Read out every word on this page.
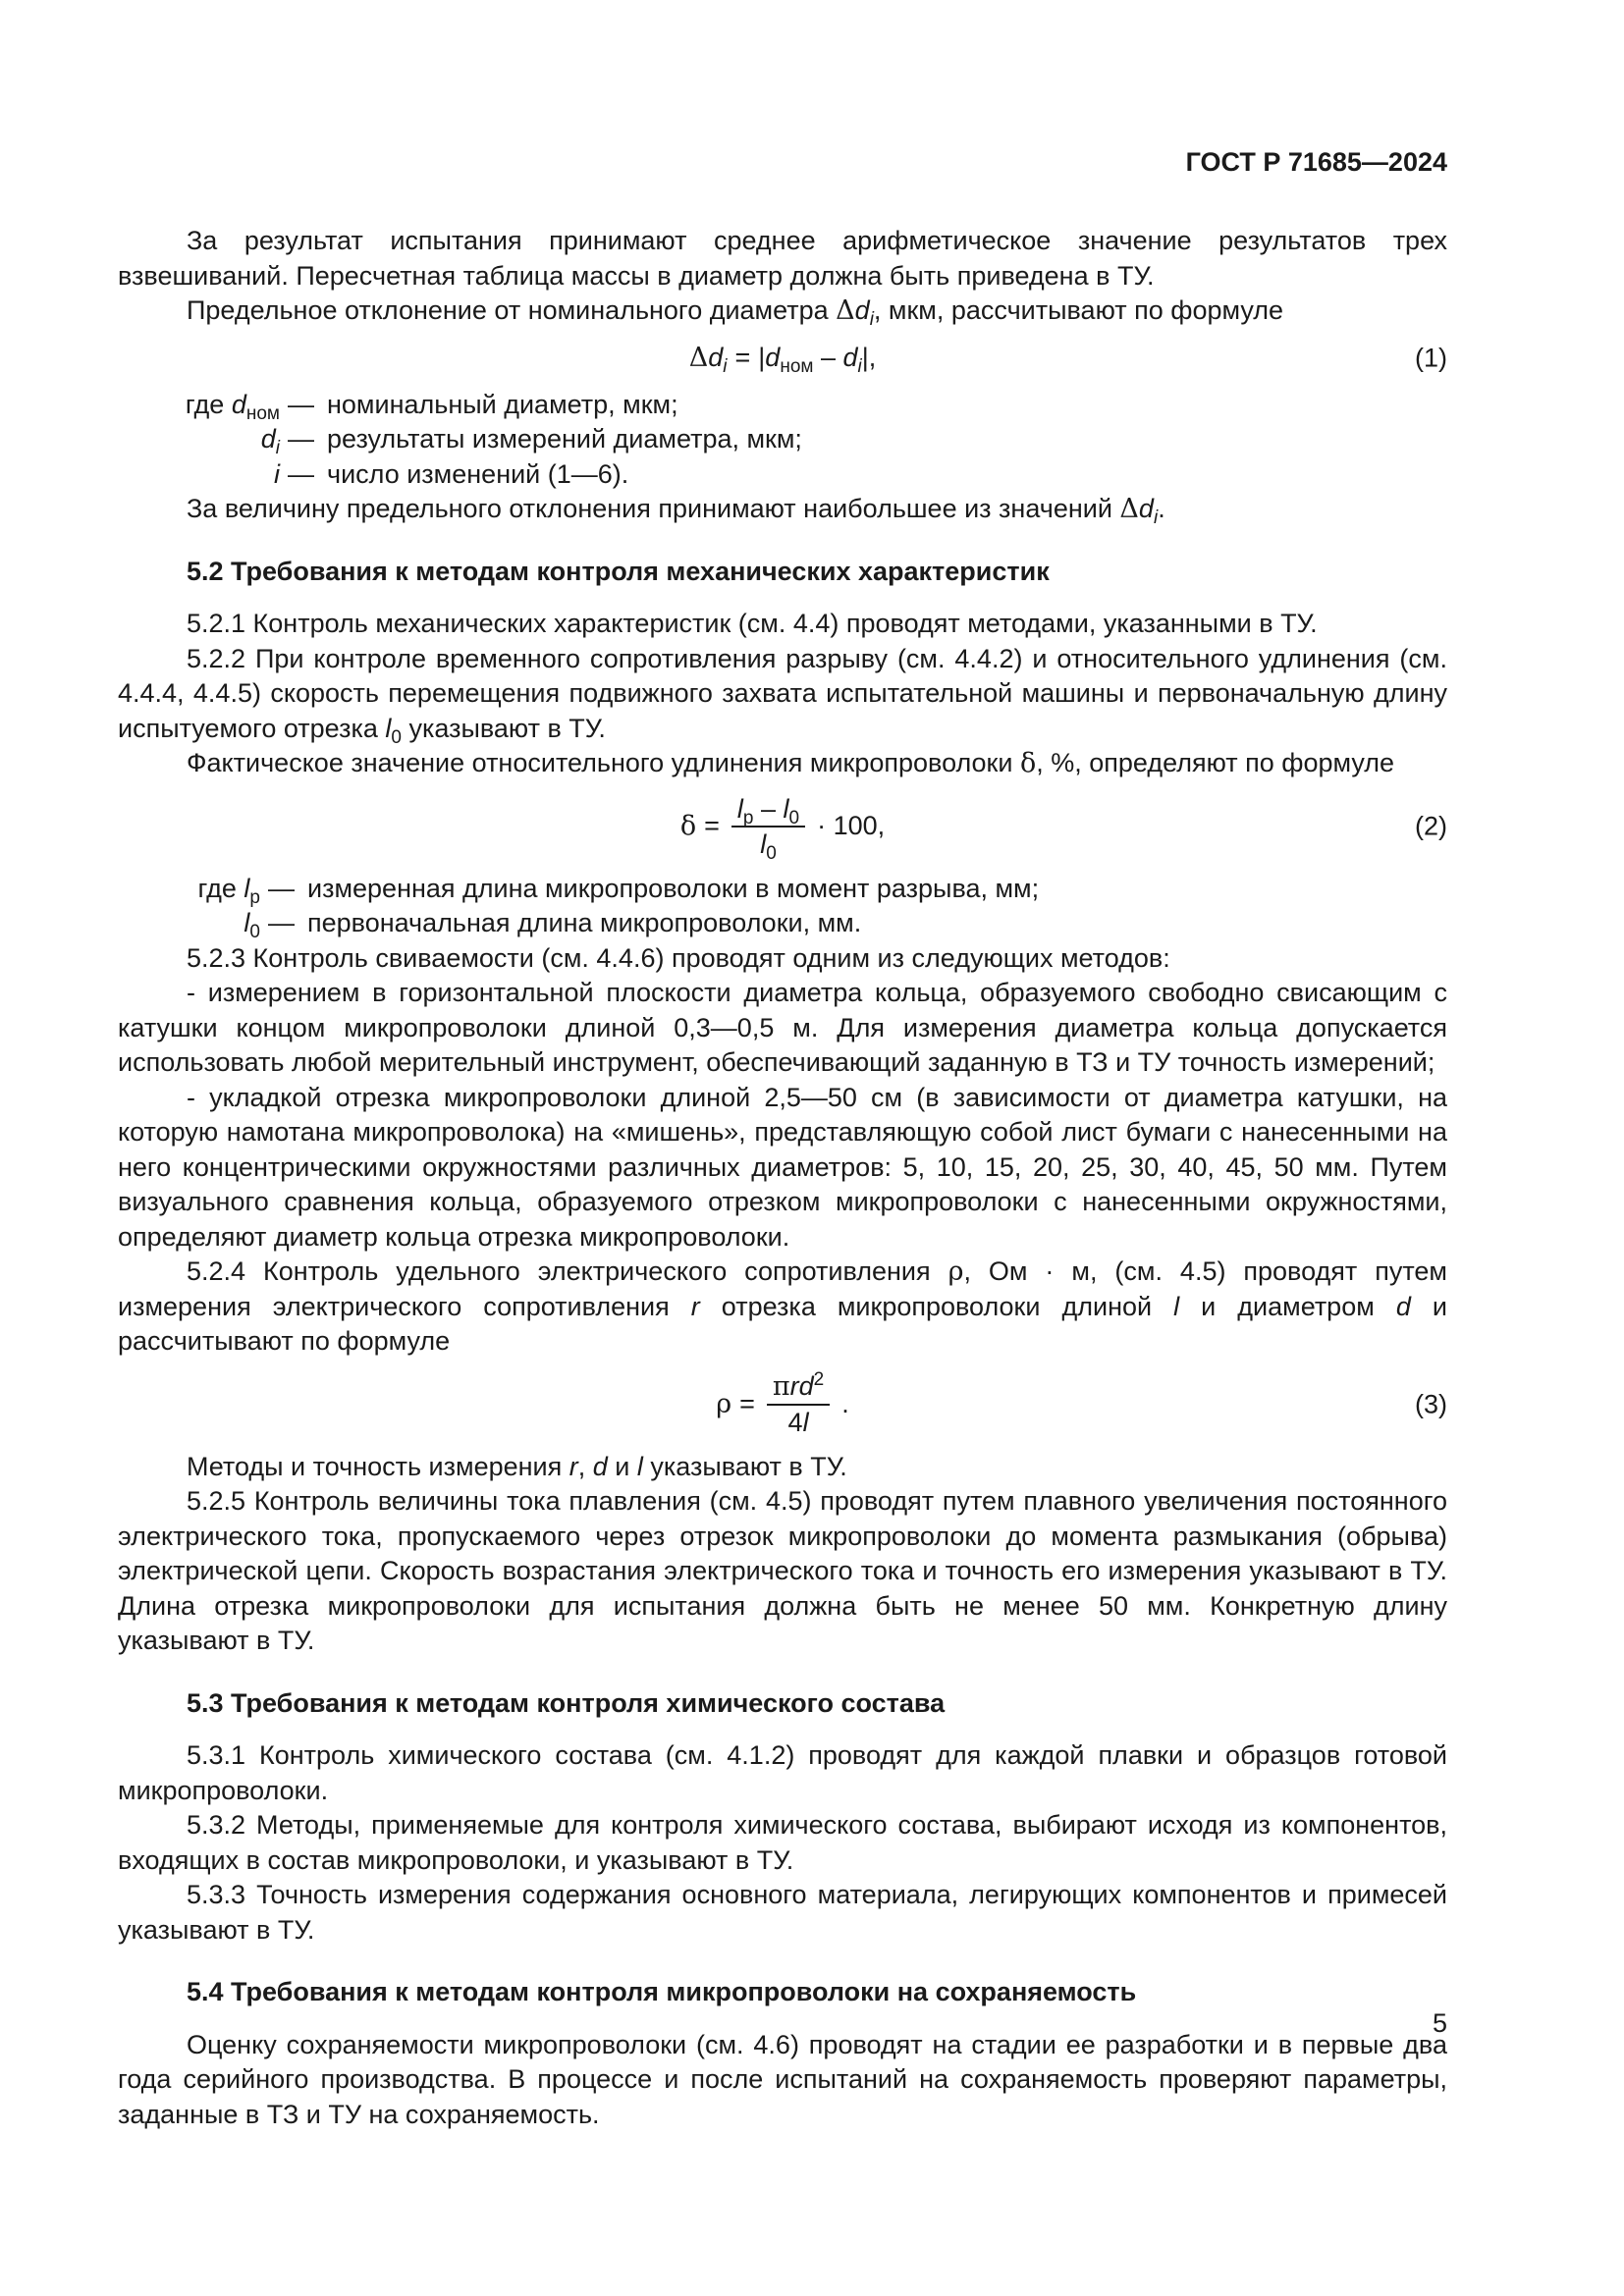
ГОСТ Р 71685—2024

За результат испытания принимают среднее арифметическое значение результатов трех взвешиваний. Пересчетная таблица массы в диаметр должна быть приведена в ТУ.

Предельное отклонение от номинального диаметра $\Delta d_i$, мкм, рассчитывают по формуле

$\Delta d_i = |d_{ном} - d_i|$,	(1)
где $d_{ном}$ — номинальный диаметр, мкм;
$d_i$ — результаты измерений диаметра, мкм;
i — число изменений (1—6).

За величину предельного отклонения принимают наибольшее из значений $\Delta d_i$.

5.2 Требования к методам контроля механических характеристик

5.2.1 Контроль механических характеристик (см. 4.4) проводят методами, указанными в ТУ.

5.2.2 При контроле временного сопротивления разрыву (см. 4.4.2) и относительного удлинения (см. 4.4.4, 4.4.5) скорость перемещения подвижного захвата испытательной машины и первоначальную длину испытуемого отрезка $l_0$ указывают в ТУ.

Фактическое значение относительного удлинения микропроволоки δ, %, определяют по формуле

$\delta = \frac{l_р - l_0}{l_0} \cdot 100$,	(2)
где $l_р$ — измеренная длина микропроволоки в момент разрыва, мм;
$l_0$ — первоначальная длина микропроволоки, мм.

5.2.3 Контроль свиваемости (см. 4.4.6) проводят одним из следующих методов:

- измерением в горизонтальной плоскости диаметра кольца, образуемого свободно свисающим с катушки концом микропроволоки длиной 0,3—0,5 м. Для измерения диаметра кольца допускается использовать любой мерительный инструмент, обеспечивающий заданную в ТЗ и ТУ точность измерений;

- укладкой отрезка микропроволоки длиной 2,5—50 см (в зависимости от диаметра катушки, на которую намотана микропроволока) на «мишень», представляющую собой лист бумаги с нанесенными на него концентрическими окружностями различных диаметров: 5, 10, 15, 20, 25, 30, 40, 45, 50 мм. Путем визуального сравнения кольца, образуемого отрезком микропроволоки с нанесенными окружностями, определяют диаметр кольца отрезка микропроволоки.

5.2.4 Контроль удельного электрического сопротивления ρ, Ом · м, (см. 4.5) проводят путем измерения электрического сопротивления r отрезка микропроволоки длиной l и диаметром d и рассчитывают по формуле

$\rho = \frac{\pi rd^2}{4l}$ .	(3)

Методы и точность измерения r, d и l указывают в ТУ.

5.2.5 Контроль величины тока плавления (см. 4.5) проводят путем плавного увеличения постоянного электрического тока, пропускаемого через отрезок микропроволоки до момента размыкания (обрыва) электрической цепи. Скорость возрастания электрического тока и точность его измерения указывают в ТУ. Длина отрезка микропроволоки для испытания должна быть не менее 50 мм. Конкретную длину указывают в ТУ.

5.3 Требования к методам контроля химического состава

5.3.1 Контроль химического состава (см. 4.1.2) проводят для каждой плавки и образцов готовой микропроволоки.

5.3.2 Методы, применяемые для контроля химического состава, выбирают исходя из компонентов, входящих в состав микропроволоки, и указывают в ТУ.

5.3.3 Точность измерения содержания основного материала, легирующих компонентов и примесей указывают в ТУ.

5.4 Требования к методам контроля микропроволоки на сохраняемость

Оценку сохраняемости микропроволоки (см. 4.6) проводят на стадии ее разработки и в первые два года серийного производства. В процессе и после испытаний на сохраняемость проверяют параметры, заданные в ТЗ и ТУ на сохраняемость.

5
